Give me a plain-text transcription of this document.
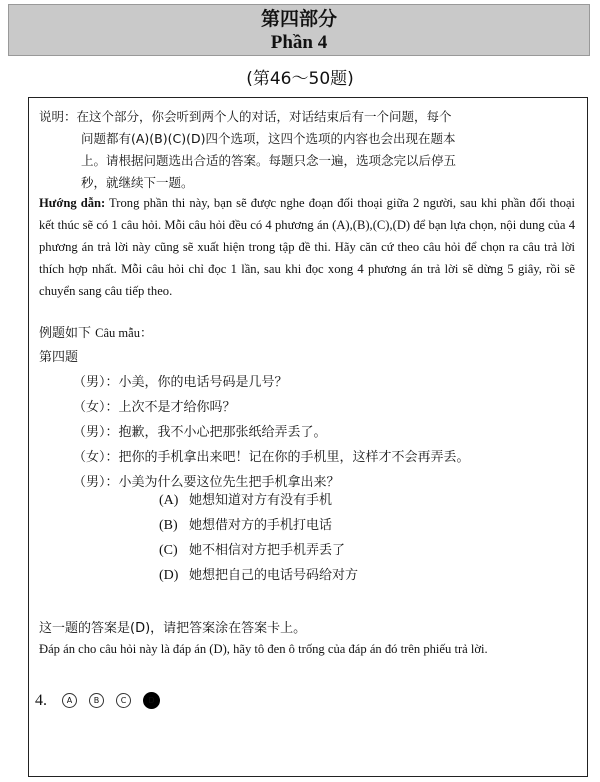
第四部分
Phần 4
(第46～50题)
说明：在这个部分，你会听到两个人的对话，对话结束后有一个问题，每个
问题都有(A)(B)(C)(D)四个选项，这四个选项的内容也会出现在题本
上。请根据问题选出合适的答案。每题只念一遍，选项念完以后停五
秒，就继续下一题。
Hướng dẫn: Trong phần thi này, bạn sẽ được nghe đoạn đối thoại giữa 2 người, sau khi phần đối thoại kết thúc sẽ có 1 câu hỏi. Mỗi câu hỏi đều có 4 phương án (A),(B),(C),(D) để bạn lựa chọn, nội dung của 4 phương án trả lời này cũng sẽ xuất hiện trong tập đề thi. Hãy căn cứ theo câu hỏi để chọn ra câu trả lời thích hợp nhất. Mỗi câu hỏi chỉ đọc 1 lần, sau khi đọc xong 4 phương án trả lời sẽ dừng 5 giây, rồi sẽ chuyển sang câu tiếp theo.
例题如下 Câu mẫu：
第四题
（男）：小美，你的电话号码是几号？
（女）：上次不是才给你吗？
（男）：抱歉，我不小心把那张纸给弄丢了。
（女）：把你的手机拿出来吧！记在你的手机里，这样才不会再弄丢。
（男）：小美为什么要这位先生把手机拿出来？
(A) 她想知道对方有没有手机
(B) 她想借对方的手机打电话
(C) 她不相信对方把手机弄丢了
(D) 她想把自己的电话号码给对方
这一题的答案是(D)，请把答案涂在答案卡上。
Đáp án cho câu hỏi này là đáp án (D), hãy tô đen ô trống của đáp án đó trên phiếu trả lời.
4.	A	B	C	D
